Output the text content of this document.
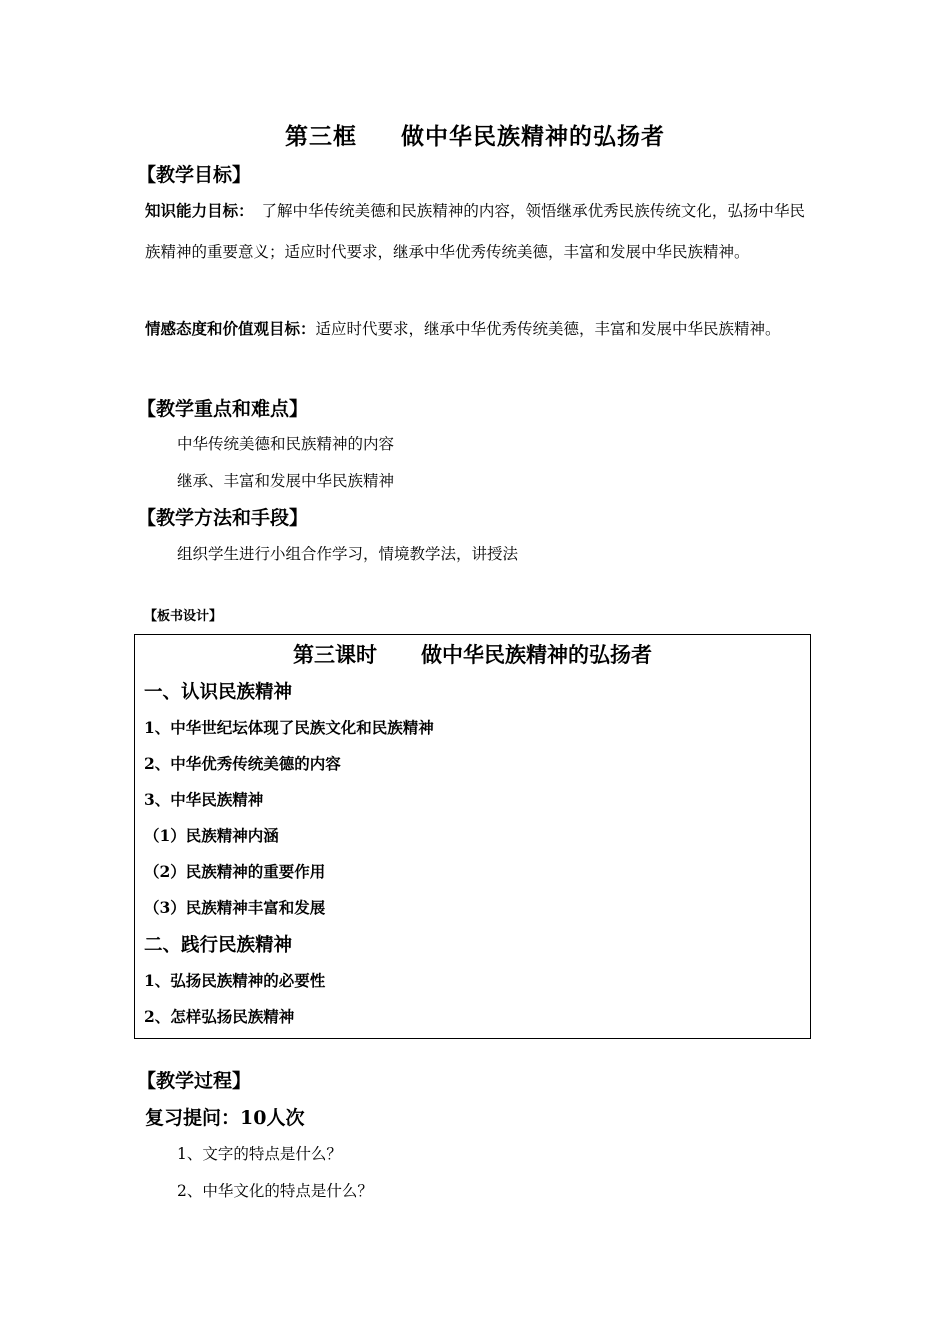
第三框 做中华民族精神的弘扬者
【教学目标】
知识能力目标：　了解中华传统美德和民族精神的内容，领悟继承优秀民族传统文化，弘扬中华民族精神的重要意义；适应时代要求，继承中华优秀传统美德，丰富和发展中华民族精神。
情感态度和价值观目标：适应时代要求，继承中华优秀传统美德，丰富和发展中华民族精神。
【教学重点和难点】
中华传统美德和民族精神的内容
继承、丰富和发展中华民族精神
【教学方法和手段】
组织学生进行小组合作学习，情境教学法，讲授法
【板书设计】
第三课时 做中华民族精神的弘扬者
一、认识民族精神
1、中华世纪坛体现了民族文化和民族精神
2、中华优秀传统美德的内容
3、中华民族精神
（1）民族精神内涵
（2）民族精神的重要作用
（3）民族精神丰富和发展
二、践行民族精神
1、弘扬民族精神的必要性
2、怎样弘扬民族精神
【教学过程】
复习提问：10人次
1、文字的特点是什么？
2、中华文化的特点是什么？
